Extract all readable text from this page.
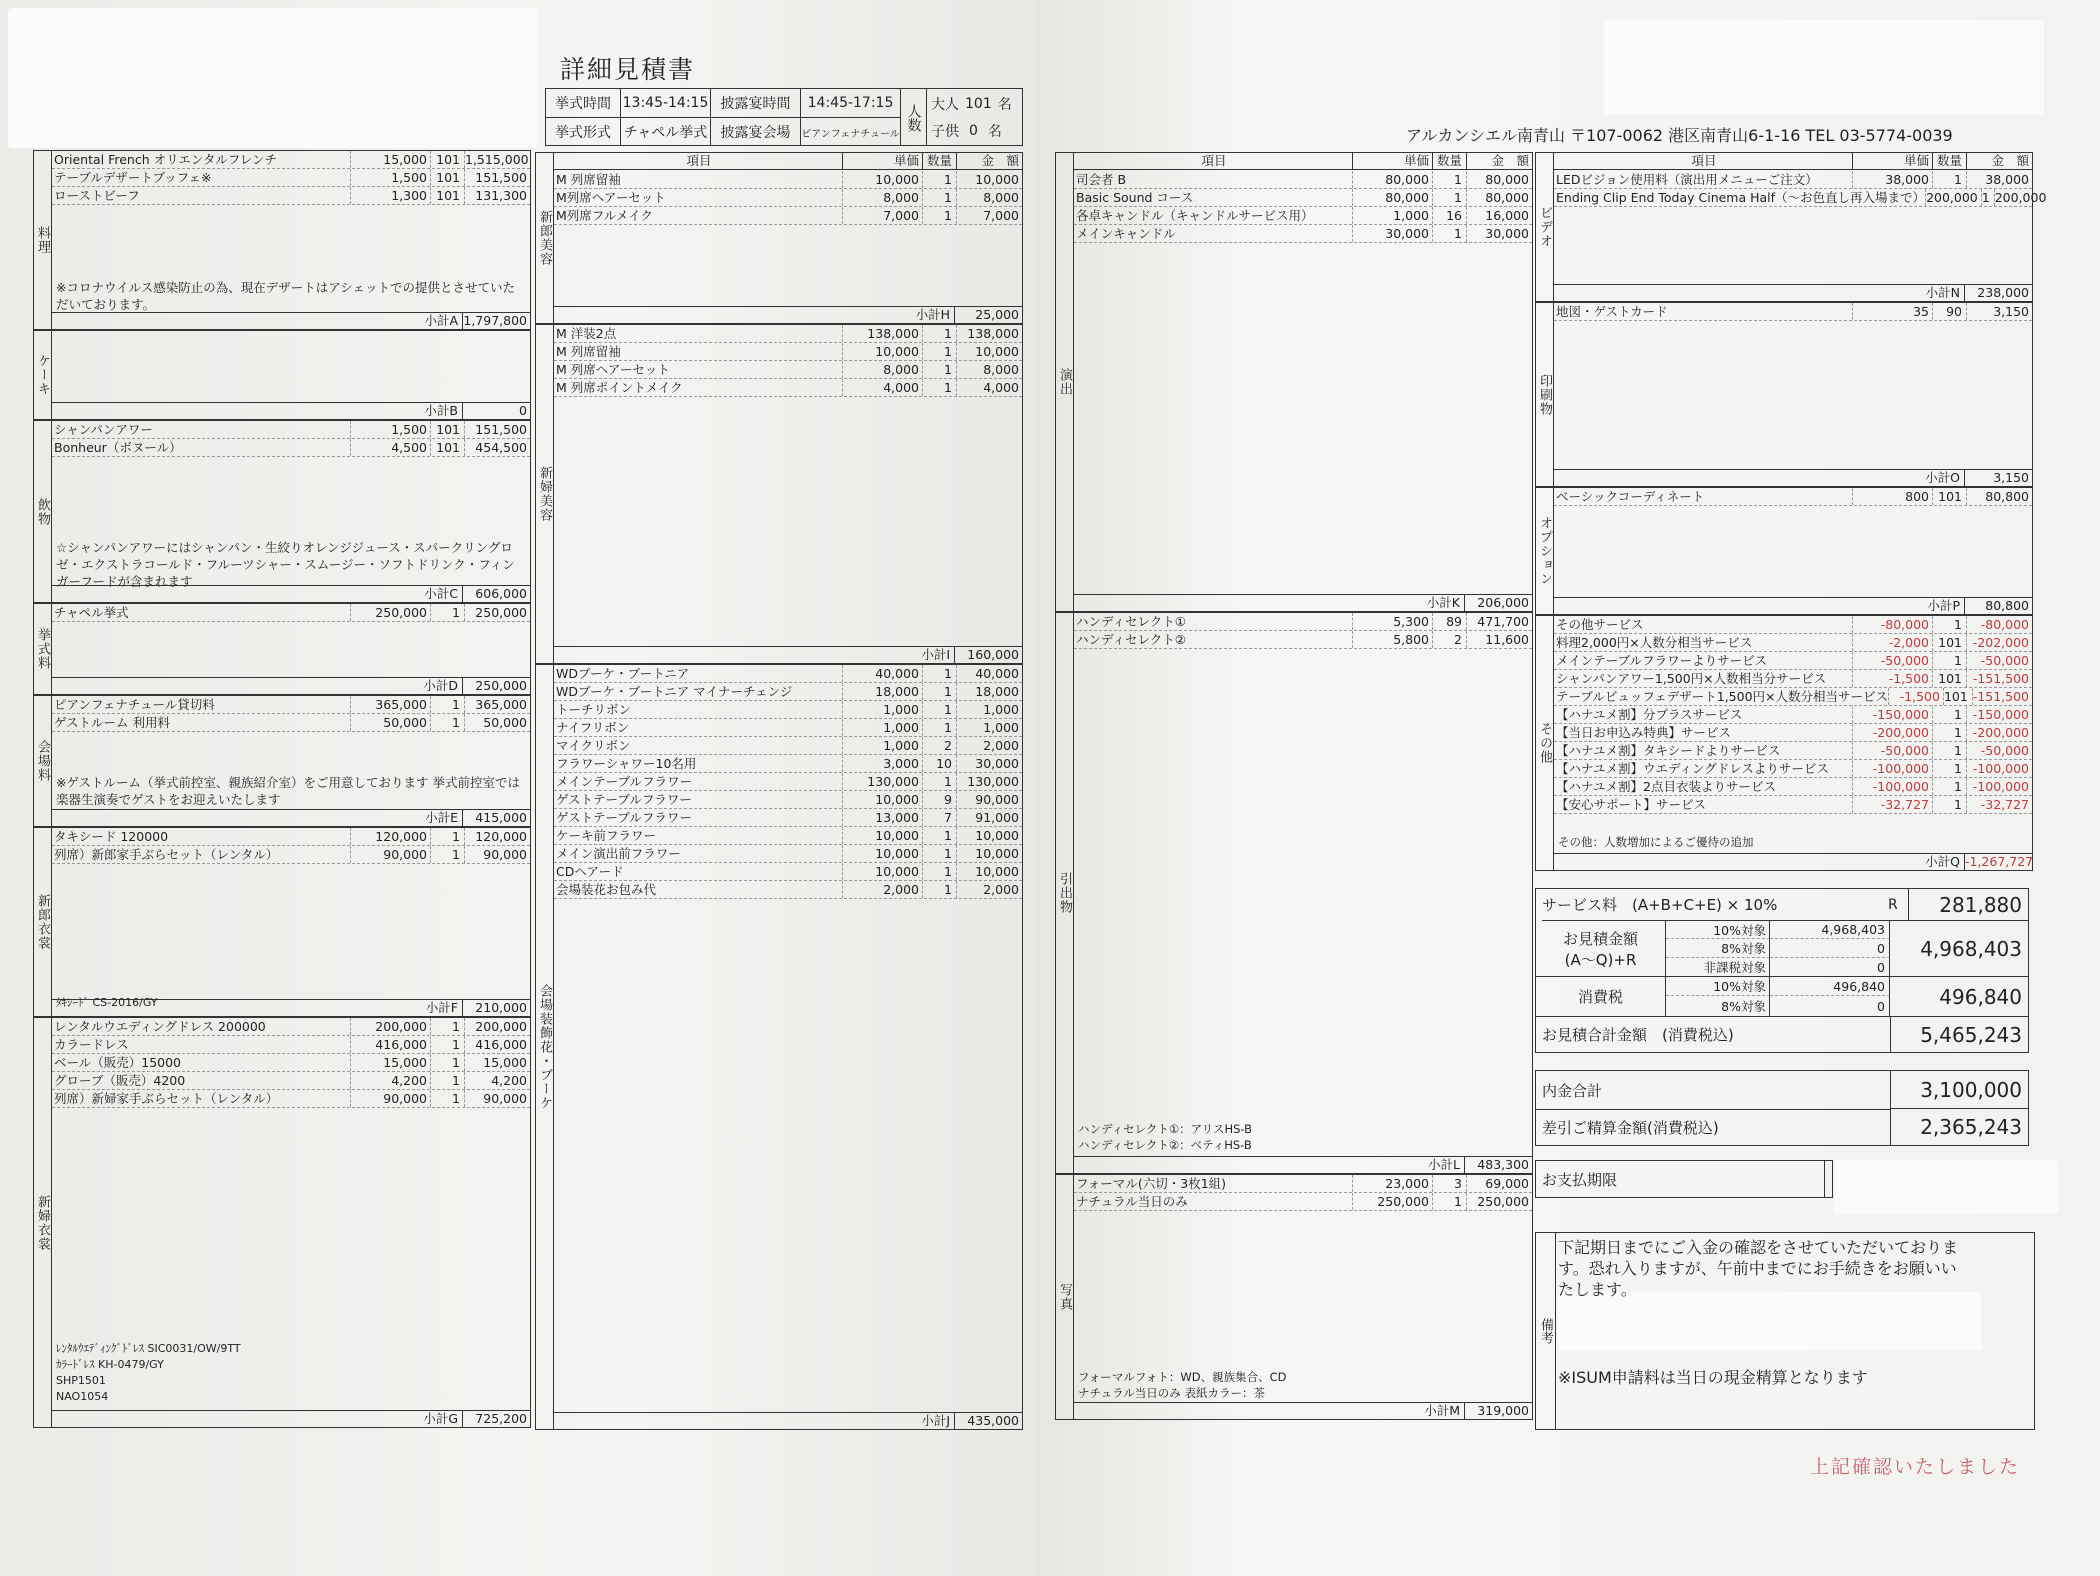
詳細見積書
挙式時間 13:45-14:15 披露宴時間	14:45-17:15
挙式形式 チャペル挙式 披露宴会場	ピアンフェナチュール
人数 大人 101 名
子供 0 名	アルカンシエル南青山 〒107-0062 港区南青山6-1-16 TEL 03-5774-0039
料理
Oriental French オリエンタルフレンチ	15,000 101 1,515,000
テーブルデザートブッフェ※	1,500 101	151,500
ローストビーフ	1,300 101	131,300
※コロナウイルス感染防止の為、現在デザートはアシェットでの提供とさせていただいております。
小計A 1,797,800
ケーキ
小計B	0
飲物
シャンパンアワー	1,500 101	151,500
Bonheur（ボヌール）	4,500 101	454,500
☆シャンパンアワーにはシャンパン・生絞りオレンジジュース・スパークリングロゼ・エクストラコールド・フルーツシャー・スムージー・ソフトドリンク・フィンガーフードが含まれます
小計C	606,000
挙式料
チャペル挙式	250,000	1	250,000
小計D	250,000
会場料
ピアンフェナチュール貸切料	365,000	1	365,000
ゲストルーム 利用料	50,000	1	50,000
※ゲストルーム（挙式前控室、親族紹介室）をご用意しております 挙式前控室では楽器生演奏でゲストをお迎えいたします
小計E	415,000
新郎衣裳
タキシード 120000	120,000	1	120,000
列席）新郎家手ぶらセット（レンタル）	90,000	1	90,000
ﾀｷｼｰﾄﾞ CS-2016/GY	小計F	210,000
新婦衣裳
レンタルウエディングドレス 200000	200,000	1	200,000
カラードレス	416,000	1	416,000
ベール（販売）15000	15,000	1	15,000
グローブ（販売）4200	4,200	1	4,200
列席）新婦家手ぶらセット（レンタル）	90,000	1	90,000
ﾚﾝﾀﾙｳｴﾃﾞｨﾝｸﾞﾄﾞﾚｽ SIC0031/OW/9TT
ｶﾗｰﾄﾞﾚｽ KH-0479/GY
SHP1501
NAO1054
小計G	725,200
新郎美容
項目	単価 数量	金　額
M 列席留袖	10,000	1	10,000
M列席ヘアーセット	8,000	1	8,000
M列席フルメイク	7,000	1	7,000
小計H	25,000
新婦美容
M 洋装2点	138,000	1	138,000
M 列席留袖	10,000	1	10,000
M 列席ヘアーセット	8,000	1	8,000
M 列席ポイントメイク	4,000	1	4,000
小計I	160,000
会場装飾花・ブーケ
WDブーケ・ブートニア	40,000	1	40,000
WDブーケ・ブートニア マイナーチェンジ	18,000	1	18,000
トーチリボン	1,000	1	1,000
ナイフリボン	1,000	1	1,000
マイクリボン	1,000	2	2,000
フラワーシャワー10名用	3,000	10	30,000
メインテーブルフラワー	130,000	1	130,000
ゲストテーブルフラワー	10,000	9	90,000
ゲストテーブルフラワー	13,000	7	91,000
ケーキ前フラワー	10,000	1	10,000
メイン演出前フラワー	10,000	1	10,000
CDヘアード	10,000	1	10,000
会場装花お包み代	2,000	1	2,000
小計J	435,000
演出
項目	単価 数量	金　額
司会者 B	80,000	1	80,000
Basic Sound コース	80,000	1	80,000
各卓キャンドル（キャンドルサービス用）	1,000	16	16,000
メインキャンドル	30,000	1	30,000
小計K	206,000
引出物
ハンディセレクト①	5,300	89	471,700
ハンディセレクト②	5,800	2	11,600
ハンディセレクト①：アリスHS-B
ハンディセレクト②：ベティHS-B
小計L	483,300
写真
フォーマル(六切・3枚1組)	23,000	3	69,000
ナチュラル当日のみ	250,000	1	250,000
フォーマルフォト：WD、親族集合、CD
ナチュラル当日のみ 表紙カラー：茶
小計M	319,000
ビデオ
項目	単価 数量	金　額
LEDビジョン使用料（演出用メニューご注文）	38,000	1	38,000
Ending Clip End Today Cinema Half（～お色直し再入場まで） 200,000 1 200,000
小計N	238,000
印刷物
地図・ゲストカード	35	90	3,150
小計O	3,150
オプション
ベーシックコーディネート	800 101	80,800
小計P	80,800
その他
その他サービス	-80,000	1	-80,000
料理2,000円×人数分相当サービス	-2,000 101 -202,000
メインテーブルフラワーよりサービス	-50,000	1	-50,000
シャンパンアワー1,500円×人数相当分サービス	-1,500 101 -151,500
テーブルビュッフェデザート1,500円×人数分相当サービス -1,500 101 -151,500
【ハナユメ割】分プラスサービス	-150,000	1 -150,000
【当日お申込み特典】サービス	-200,000	1 -200,000
【ハナユメ割】タキシードよりサービス	-50,000	1	-50,000
【ハナユメ割】ウエディングドレスよりサービス	-100,000	1 -100,000
【ハナユメ割】2点目衣装よりサービス	-100,000	1 -100,000
【安心サポート】サービス	-32,727	1	-32,727
その他：人数増加によるご優待の追加
小計Q -1,267,727
サービス料　(A+B+C+E) × 10%	R	281,880
お見積金額
(A～Q)+R
10%対象	4,968,403
8%対象	0
非課税対象	0
4,968,403
消費税
10%対象	496,840
8%対象	0	496,840
お見積合計金額　(消費税込)	5,465,243
内金合計	3,100,000
差引ご精算金額(消費税込)	2,365,243
お支払期限
備考
下記期日までにご入金の確認をさせていただいております。恐れ入りますが、午前中までにお手続きをお願いいたします。
※ISUM申請料は当日の現金精算となります
上記確認いたしました
